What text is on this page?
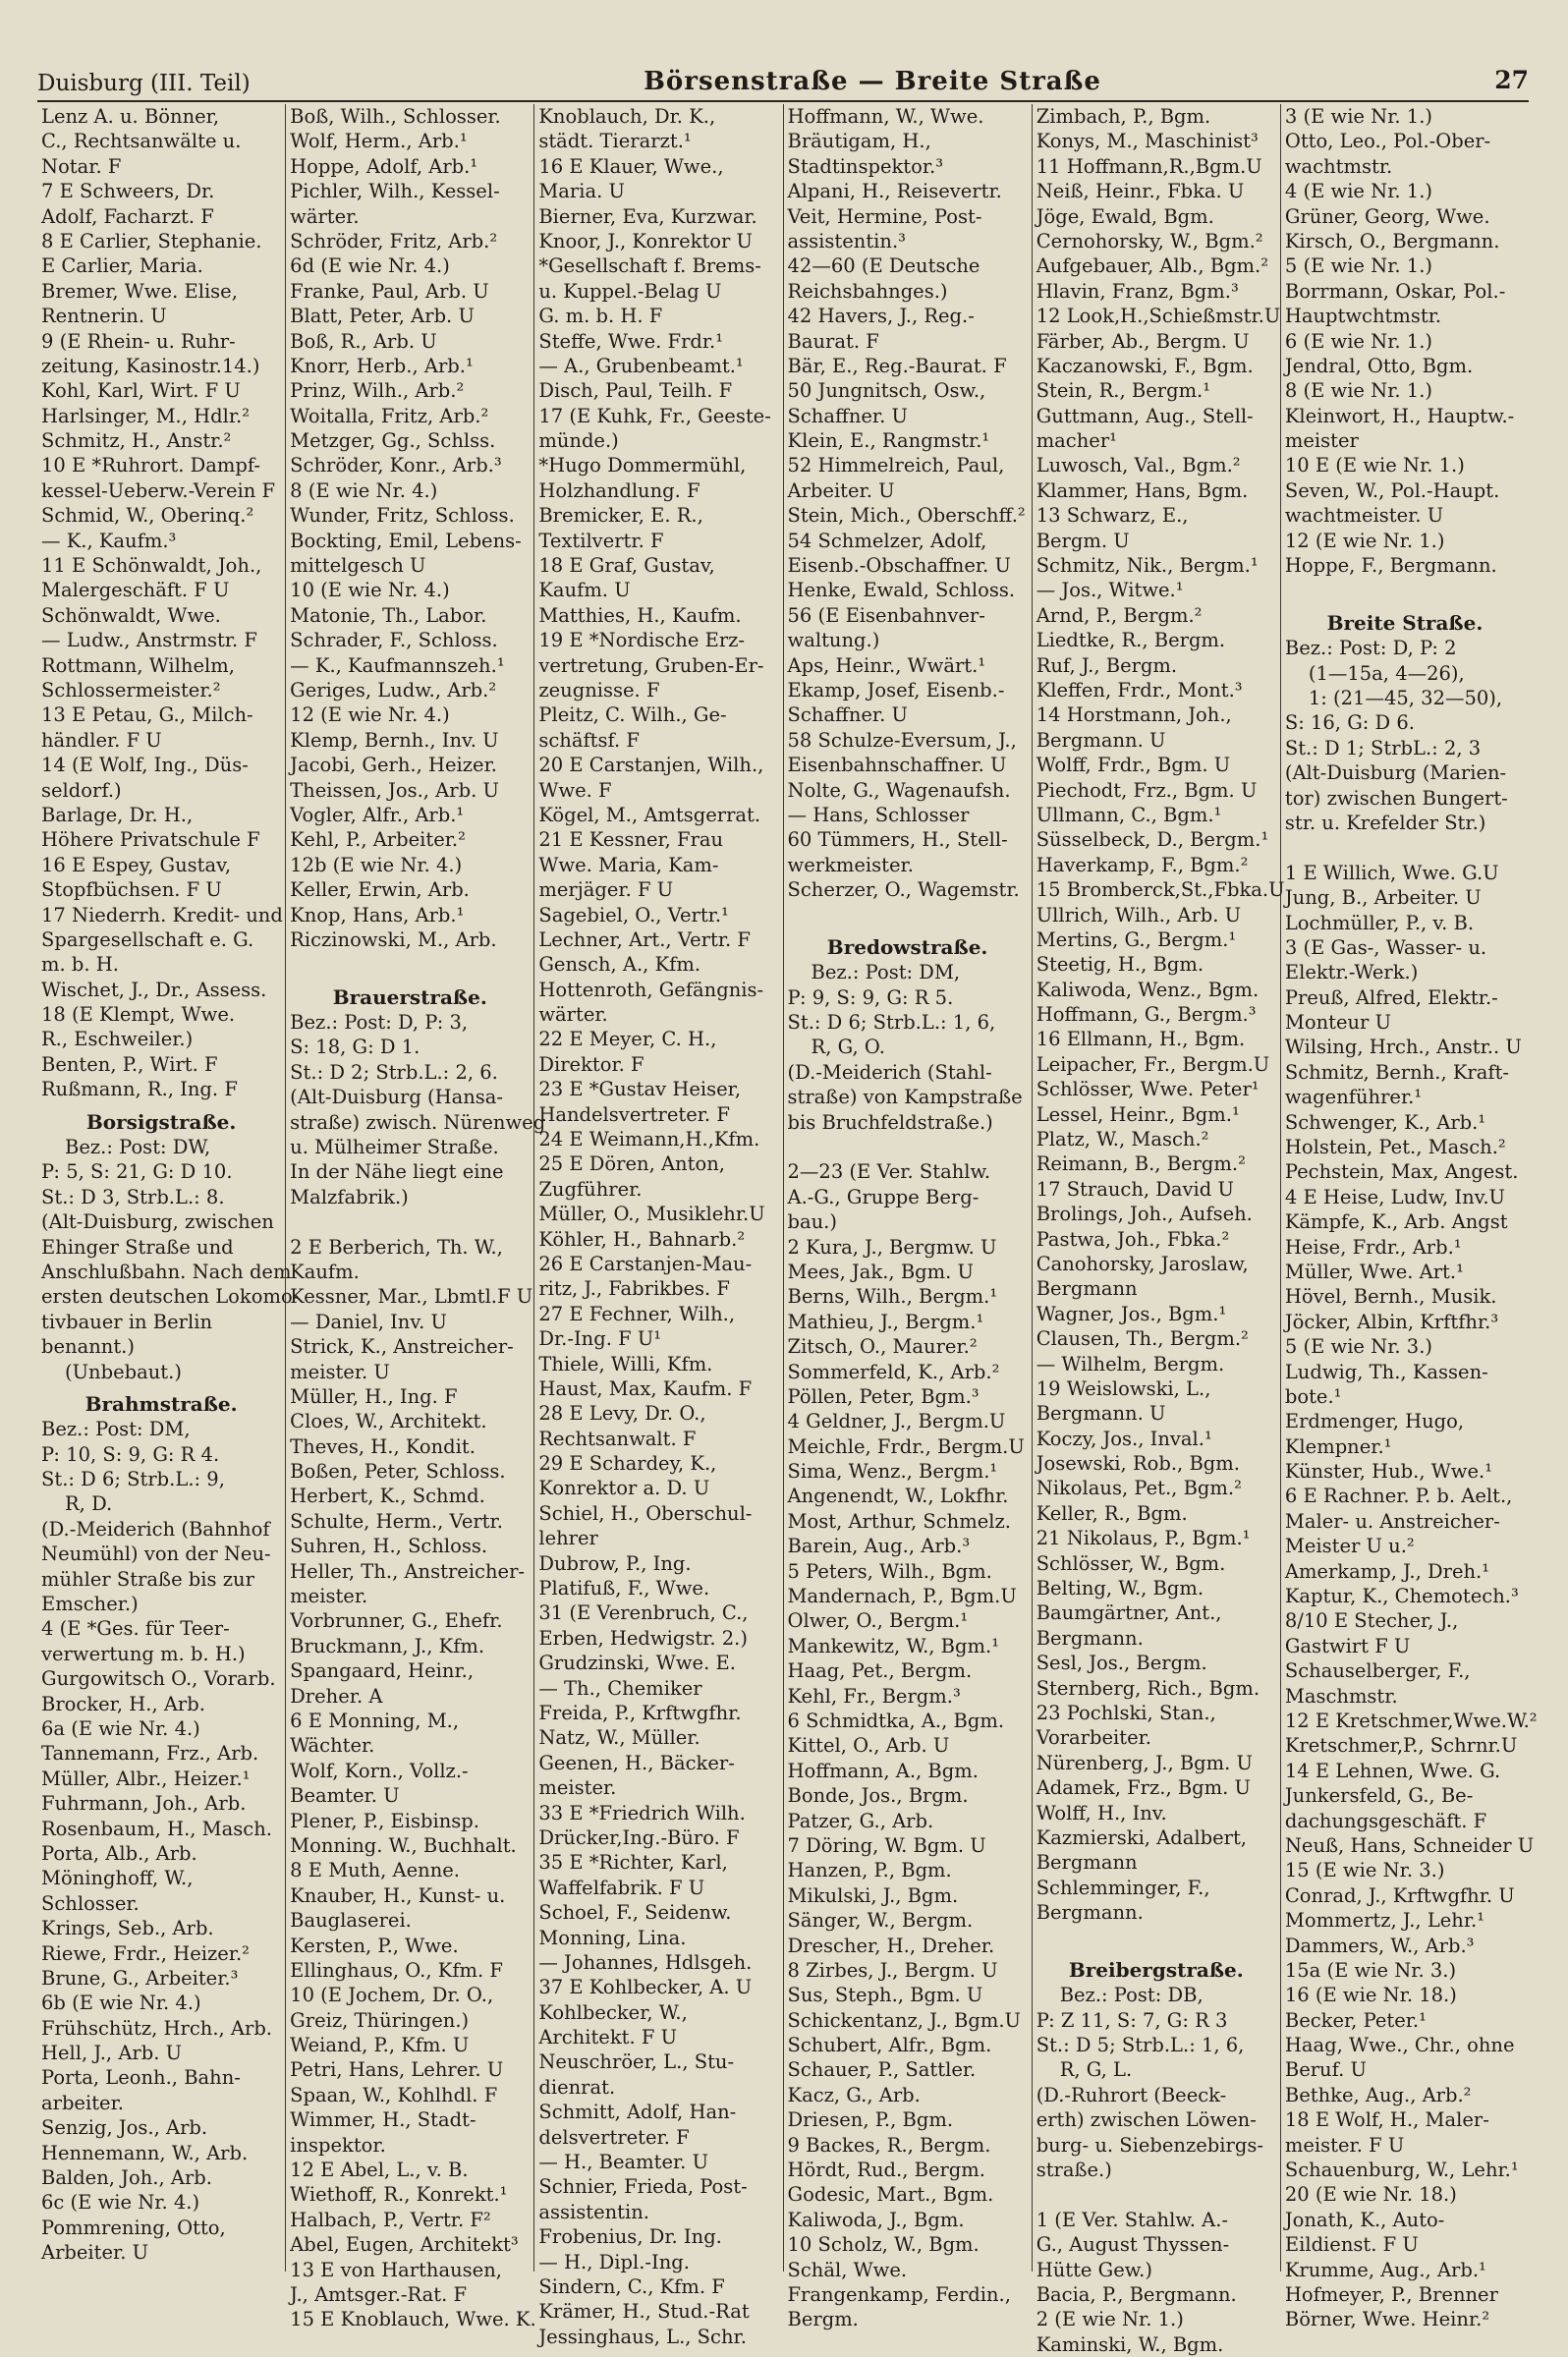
Duisburg (III. Teil)	Börsenstraße — Breite Straße	27
Lenz A. u. Bönner,
C., Rechtsanwälte u.
Notar. F
7 E Schweers, Dr.
Adolf, Facharzt. F
8 E Carlier, Stephanie.
E Carlier, Maria.
Bremer, Wwe. Elise,
Rentnerin. U
9 (E Rhein- u. Ruhr-
zeitung, Kasinostr.14.)
Kohl, Karl, Wirt. F U
Harlsinger, M., Hdlr.²
Schmitz, H., Anstr.²
10 E *Ruhrort. Dampf-
kessel-Ueberw.-Verein F
Schmid, W., Oberinq.²
— K., Kaufm.³
11 E Schönwaldt, Joh.,
Malergeschäft. F U
Schönwaldt, Wwe.
— Ludw., Anstrmstr. F
Rottmann, Wilhelm,
Schlossermeister.²
13 E Petau, G., Milch-
händler. F U
14 (E Wolf, Ing., Düs-
seldorf.)
Barlage, Dr. H.,
Höhere Privatschule F
16 E Espey, Gustav,
Stopfbüchsen. F U
17 Niederrh. Kredit- und
Spargesellschaft e. G.
m. b. H.
Wischet, J., Dr., Assess.
18 (E Klempt, Wwe.
R., Eschweiler.)
Benten, P., Wirt. F
Rußmann, R., Ing. F
Borsigstraße.
Bez.: Post: DW,
P: 5, S: 21, G: D 10.
St.: D 3, Strb.L.: 8.
(Alt-Duisburg, zwischen
Ehinger Straße und
Anschlußbahn. Nach dem
ersten deutschen Lokomo-
tivbauer in Berlin
benannt.)
(Unbebaut.)
Brahmstraße.
Bez.: Post: DM,
P: 10, S: 9, G: R 4.
St.: D 6; Strb.L.: 9,
R, D.
(D.-Meiderich (Bahnhof
Neumühl) von der Neu-
mühler Straße bis zur
Emscher.)
4 (E *Ges. für Teer-
verwertung m. b. H.)
Gurgowitsch O., Vorarb.
Brocker, H., Arb.
6a (E wie Nr. 4.)
Tannemann, Frz., Arb.
Müller, Albr., Heizer.¹
Fuhrmann, Joh., Arb.
Rosenbaum, H., Masch.
Porta, Alb., Arb.
Möninghoff, W.,
Schlosser.
Krings, Seb., Arb.
Riewe, Frdr., Heizer.²
Brune, G., Arbeiter.³
6b (E wie Nr. 4.)
Frühschütz, Hrch., Arb.
Hell, J., Arb. U
Porta, Leonh., Bahn-
arbeiter.
Senzig, Jos., Arb.
Hennemann, W., Arb.
Balden, Joh., Arb.
6c (E wie Nr. 4.)
Pommrening, Otto,
Arbeiter. U
Boß, Wilh., Schlosser.
Wolf, Herm., Arb.¹
Hoppe, Adolf, Arb.¹
Pichler, Wilh., Kessel-
wärter.
Schröder, Fritz, Arb.²
6d (E wie Nr. 4.)
Franke, Paul, Arb. U
Blatt, Peter, Arb. U
Boß, R., Arb. U
Knorr, Herb., Arb.¹
Prinz, Wilh., Arb.²
Woitalla, Fritz, Arb.²
Metzger, Gg., Schlss.
Schröder, Konr., Arb.³
8 (E wie Nr. 4.)
Wunder, Fritz, Schloss.
Bockting, Emil, Lebens-
mittelgesch U
10 (E wie Nr. 4.)
Matonie, Th., Labor.
Schrader, F., Schloss.
— K., Kaufmannszeh.¹
Geriges, Ludw., Arb.²
12 (E wie Nr. 4.)
Klemp, Bernh., Inv. U
Jacobi, Gerh., Heizer.
Theissen, Jos., Arb. U
Vogler, Alfr., Arb.¹
Kehl, P., Arbeiter.²
12b (E wie Nr. 4.)
Keller, Erwin, Arb.
Knop, Hans, Arb.¹
Riczinowski, M., Arb.
Brauerstraße.
Bez.: Post: D, P: 3,
S: 18, G: D 1.
St.: D 2; Strb.L.: 2, 6.
(Alt-Duisburg (Hansa-
straße) zwisch. Nürenweg
u. Mülheimer Straße.
In der Nähe liegt eine
Malzfabrik.)
2 E Berberich, Th. W.,
Kaufm.
Kessner, Mar., Lbmtl.F U
— Daniel, Inv. U
Strick, K., Anstreicher-
meister. U
Müller, H., Ing. F
Cloes, W., Architekt.
Theves, H., Kondit.
Boßen, Peter, Schloss.
Herbert, K., Schmd.
Schulte, Herm., Vertr.
Suhren, H., Schloss.
Heller, Th., Anstreicher-
meister.
Vorbrunner, G., Ehefr.
Bruckmann, J., Kfm.
Spangaard, Heinr.,
Dreher. A
6 E Monning, M.,
Wächter.
Wolf, Korn., Vollz.-
Beamter. U
Plener, P., Eisbinsp.
Monning. W., Buchhalt.
8 E Muth, Aenne.
Knauber, H., Kunst- u.
Bauglaserei.
Kersten, P., Wwe.
Ellinghaus, O., Kfm. F
10 (E Jochem, Dr. O.,
Greiz, Thüringen.)
Weiand, P., Kfm. U
Petri, Hans, Lehrer. U
Spaan, W., Kohlhdl. F
Wimmer, H., Stadt-
inspektor.
12 E Abel, L., v. B.
Wiethoff, R., Konrekt.¹
Halbach, P., Vertr. F²
Abel, Eugen, Architekt³
13 E von Harthausen,
J., Amtsger.-Rat. F
15 E Knoblauch, Wwe. K.
Knoblauch, Dr. K.,
städt. Tierarzt.¹
16 E Klauer, Wwe.,
Maria. U
Bierner, Eva, Kurzwar.
Knoor, J., Konrektor U
*Gesellschaft f. Brems-
u. Kuppel.-Belag U
G. m. b. H. F
Steffe, Wwe. Frdr.¹
— A., Grubenbeamt.¹
Disch, Paul, Teilh. F
17 (E Kuhk, Fr., Geeste-
münde.)
*Hugo Dommermühl,
Holzhandlung. F
Bremicker, E. R.,
Textilvertr. F
18 E Graf, Gustav,
Kaufm. U
Matthies, H., Kaufm.
19 E *Nordische Erz-
vertretung, Gruben-Er-
zeugnisse. F
Pleitz, C. Wilh., Ge-
schäftsf. F
20 E Carstanjen, Wilh.,
Wwe. F
Kögel, M., Amtsgerrat.
21 E Kessner, Frau
Wwe. Maria, Kam-
merjäger. F U
Sagebiel, O., Vertr.¹
Lechner, Art., Vertr. F
Gensch, A., Kfm.
Hottenroth, Gefängnis-
wärter.
22 E Meyer, C. H.,
Direktor. F
23 E *Gustav Heiser,
Handelsvertreter. F
24 E Weimann,H.,Kfm.
25 E Dören, Anton,
Zugführer.
Müller, O., Musiklehr.U
Köhler, H., Bahnarb.²
26 E Carstanjen-Mau-
ritz, J., Fabrikbes. F
27 E Fechner, Wilh.,
Dr.-Ing. F U¹
Thiele, Willi, Kfm.
Haust, Max, Kaufm. F
28 E Levy, Dr. O.,
Rechtsanwalt. F
29 E Schardey, K.,
Konrektor a. D. U
Schiel, H., Oberschul-
lehrer
Dubrow, P., Ing.
Platifuß, F., Wwe.
31 (E Verenbruch, C.,
Erben, Hedwigstr. 2.)
Grudzinski, Wwe. E.
— Th., Chemiker
Freida, P., Krftwgfhr.
Natz, W., Müller.
Geenen, H., Bäcker-
meister.
33 E *Friedrich Wilh.
Drücker,Ing.-Büro. F
35 E *Richter, Karl,
Waffelfabrik. F U
Schoel, F., Seidenw.
Monning, Lina.
— Johannes, Hdlsgeh.
37 E Kohlbecker, A. U
Kohlbecker, W.,
Architekt. F U
Neuschröer, L., Stu-
dienrat.
Schmitt, Adolf, Han-
delsvertreter. F
— H., Beamter. U
Schnier, Frieda, Post-
assistentin.
Frobenius, Dr. Ing.
— H., Dipl.-Ing.
Sindern, C., Kfm. F
Krämer, H., Stud.-Rat
Jessinghaus, L., Schr.
Hoffmann, W., Wwe.
Bräutigam, H.,
Stadtinspektor.³
Alpani, H., Reisevertr.
Veit, Hermine, Post-
assistentin.³
42—60 (E Deutsche
Reichsbahnges.)
42 Havers, J., Reg.-
Baurat. F
Bär, E., Reg.-Baurat. F
50 Jungnitsch, Osw.,
Schaffner. U
Klein, E., Rangmstr.¹
52 Himmelreich, Paul,
Arbeiter. U
Stein, Mich., Oberschff.²
54 Schmelzer, Adolf,
Eisenb.-Obschaffner. U
Henke, Ewald, Schloss.
56 (E Eisenbahnver-
waltung.)
Aps, Heinr., Wwärt.¹
Ekamp, Josef, Eisenb.-
Schaffner. U
58 Schulze-Eversum, J.,
Eisenbahnschaffner. U
Nolte, G., Wagenaufsh.
— Hans, Schlosser
60 Tümmers, H., Stell-
werkmeister.
Scherzer, O., Wagemstr.
Bredowstraße.
Bez.: Post: DM,
P: 9, S: 9, G: R 5.
St.: D 6; Strb.L.: 1, 6,
R, G, O.
(D.-Meiderich (Stahl-
straße) von Kampstraße
bis Bruchfeldstraße.)
2—23 (E Ver. Stahlw.
A.-G., Gruppe Berg-
bau.)
2 Kura, J., Bergmw. U
Mees, Jak., Bgm. U
Berns, Wilh., Bergm.¹
Mathieu, J., Bergm.¹
Zitsch, O., Maurer.²
Sommerfeld, K., Arb.²
Pöllen, Peter, Bgm.³
4 Geldner, J., Bergm.U
Meichle, Frdr., Bergm.U
Sima, Wenz., Bergm.¹
Angenendt, W., Lokfhr.
Most, Arthur, Schmelz.
Barein, Aug., Arb.³
5 Peters, Wilh., Bgm.
Mandernach, P., Bgm.U
Olwer, O., Bergm.¹
Mankewitz, W., Bgm.¹
Haag, Pet., Bergm.
Kehl, Fr., Bergm.³
6 Schmidtka, A., Bgm.
Kittel, O., Arb. U
Hoffmann, A., Bgm.
Bonde, Jos., Brgm.
Patzer, G., Arb.
7 Döring, W. Bgm. U
Hanzen, P., Bgm.
Mikulski, J., Bgm.
Sänger, W., Bergm.
Drescher, H., Dreher.
8 Zirbes, J., Bergm. U
Sus, Steph., Bgm. U
Schickentanz, J., Bgm.U
Schubert, Alfr., Bgm.
Schauer, P., Sattler.
Kacz, G., Arb.
Driesen, P., Bgm.
9 Backes, R., Bergm.
Hördt, Rud., Bergm.
Godesic, Mart., Bgm.
Kaliwoda, J., Bgm.
10 Scholz, W., Bgm.
Schäl, Wwe.
Frangenkamp, Ferdin.,
Bergm.
Zimbach, P., Bgm.
Konys, M., Maschinist³
11 Hoffmann,R.,Bgm.U
Neiß, Heinr., Fbka. U
Jöge, Ewald, Bgm.
Cernohorsky, W., Bgm.²
Aufgebauer, Alb., Bgm.²
Hlavin, Franz, Bgm.³
12 Look,H.,Schießmstr.U
Färber, Ab., Bergm. U
Kaczanowski, F., Bgm.
Stein, R., Bergm.¹
Guttmann, Aug., Stell-
macher¹
Luwosch, Val., Bgm.²
Klammer, Hans, Bgm.
13 Schwarz, E.,
Bergm. U
Schmitz, Nik., Bergm.¹
— Jos., Witwe.¹
Arnd, P., Bergm.²
Liedtke, R., Bergm.
Ruf, J., Bergm.
Kleffen, Frdr., Mont.³
14 Horstmann, Joh.,
Bergmann. U
Wolff, Frdr., Bgm. U
Piechodt, Frz., Bgm. U
Ullmann, C., Bgm.¹
Süsselbeck, D., Bergm.¹
Haverkamp, F., Bgm.²
15 Bromberck,St.,Fbka.U
Ullrich, Wilh., Arb. U
Mertins, G., Bergm.¹
Steetig, H., Bgm.
Kaliwoda, Wenz., Bgm.
Hoffmann, G., Bergm.³
16 Ellmann, H., Bgm.
Leipacher, Fr., Bergm.U
Schlösser, Wwe. Peter¹
Lessel, Heinr., Bgm.¹
Platz, W., Masch.²
Reimann, B., Bergm.²
17 Strauch, David U
Brolings, Joh., Aufseh.
Pastwa, Joh., Fbka.²
Canohorsky, Jaroslaw,
Bergmann
Wagner, Jos., Bgm.¹
Clausen, Th., Bergm.²
— Wilhelm, Bergm.
19 Weislowski, L.,
Bergmann. U
Koczy, Jos., Inval.¹
Josewski, Rob., Bgm.
Nikolaus, Pet., Bgm.²
Keller, R., Bgm.
21 Nikolaus, P., Bgm.¹
Schlösser, W., Bgm.
Belting, W., Bgm.
Baumgärtner, Ant.,
Bergmann.
Sesl, Jos., Bergm.
Sternberg, Rich., Bgm.
23 Pochlski, Stan.,
Vorarbeiter.
Nürenberg, J., Bgm. U
Adamek, Frz., Bgm. U
Wolff, H., Inv.
Kazmierski, Adalbert,
Bergmann
Schlemminger, F.,
Bergmann.
Breibergstraße.
Bez.: Post: DB,
P: Z 11, S: 7, G: R 3
St.: D 5; Strb.L.: 1, 6,
R, G, L.
(D.-Ruhrort (Beeck-
erth) zwischen Löwen-
burg- u. Siebenzebirgs-
straße.)
1 (E Ver. Stahlw. A.-
G., August Thyssen-
Hütte Gew.)
Bacia, P., Bergmann.
2 (E wie Nr. 1.)
Kaminski, W., Bgm.
3 (E wie Nr. 1.)
Otto, Leo., Pol.-Ober-
wachtmstr.
4 (E wie Nr. 1.)
Grüner, Georg, Wwe.
Kirsch, O., Bergmann.
5 (E wie Nr. 1.)
Borrmann, Oskar, Pol.-
Hauptwchtmstr.
6 (E wie Nr. 1.)
Jendral, Otto, Bgm.
8 (E wie Nr. 1.)
Kleinwort, H., Hauptw.-
meister
10 E (E wie Nr. 1.)
Seven, W., Pol.-Haupt.
wachtmeister. U
12 (E wie Nr. 1.)
Hoppe, F., Bergmann.
Breite Straße.
Bez.: Post: D, P: 2
(1—15a, 4—26),
1: (21—45, 32—50),
S: 16, G: D 6.
St.: D 1; StrbL.: 2, 3
(Alt-Duisburg (Marien-
tor) zwischen Bungert-
str. u. Krefelder Str.)
1 E Willich, Wwe. G.U
Jung, B., Arbeiter. U
Lochmüller, P., v. B.
3 (E Gas-, Wasser- u.
Elektr.-Werk.)
Preuß, Alfred, Elektr.-
Monteur U
Wilsing, Hrch., Anstr.. U
Schmitz, Bernh., Kraft-
wagenführer.¹
Schwenger, K., Arb.¹
Holstein, Pet., Masch.²
Pechstein, Max, Angest.
4 E Heise, Ludw, Inv.U
Kämpfe, K., Arb. Angst
Heise, Frdr., Arb.¹
Müller, Wwe. Art.¹
Hövel, Bernh., Musik.
Jöcker, Albin, Krftfhr.³
5 (E wie Nr. 3.)
Ludwig, Th., Kassen-
bote.¹
Erdmenger, Hugo,
Klempner.¹
Künster, Hub., Wwe.¹
6 E Rachner. P. b. Aelt.,
Maler- u. Anstreicher-
Meister U u.²
Amerkamp, J., Dreh.¹
Kaptur, K., Chemotech.³
8/10 E Stecher, J.,
Gastwirt F U
Schauselberger, F.,
Maschmstr.
12 E Kretschmer,Wwe.W.²
Kretschmer,P., Schrnr.U
14 E Lehnen, Wwe. G.
Junkersfeld, G., Be-
dachungsgeschäft. F
Neuß, Hans, Schneider U
15 (E wie Nr. 3.)
Conrad, J., Krftwgfhr. U
Mommertz, J., Lehr.¹
Dammers, W., Arb.³
15a (E wie Nr. 3.)
16 (E wie Nr. 18.)
Becker, Peter.¹
Haag, Wwe., Chr., ohne
Beruf. U
Bethke, Aug., Arb.²
18 E Wolf, H., Maler-
meister. F U
Schauenburg, W., Lehr.¹
20 (E wie Nr. 18.)
Jonath, K., Auto-
Eildienst. F U
Krumme, Aug., Arb.¹
Hofmeyer, P., Brenner
Börner, Wwe. Heinr.²
